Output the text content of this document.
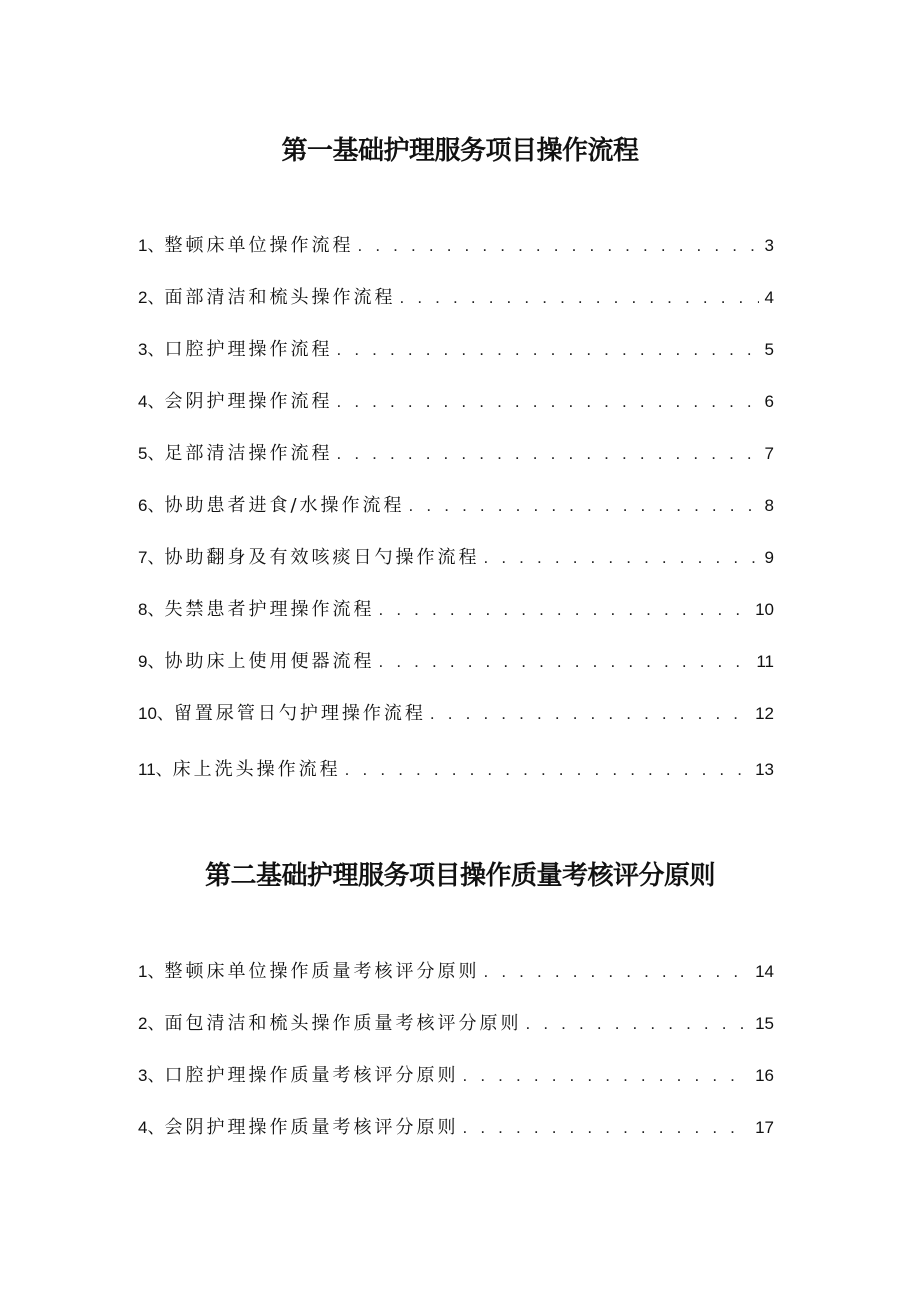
第一基础护理服务项目操作流程
1、 整顿床单位操作流程 . . .	3
2、 面部清洁和梳头操作流程 . . .	4
3、 口腔护理操作流程 . . .	5
4、 会阴护理操作流程 . . .	6
5、 足部清洁操作流程 . . .	7
6、 协助患者进食/水操作流程 . . .	8
7、 协助翻身及有效咳痰日勺操作流程 . . .	9
8、 失禁患者护理操作流程 . . .	10
9、 协助床上使用便器流程 . . .	11
10、 留置尿管日勺护理操作流程 . . .	12
11、 床上洗头操作流程 . . .	13
第二基础护理服务项目操作质量考核评分原则
1、 整顿床单位操作质量考核评分原则 . . .	14
2、 面包清洁和梳头操作质量考核评分原则 . . .	15
3、 口腔护理操作质量考核评分原则 . . .	16
4、 会阴护理操作质量考核评分原则 . . .	17
